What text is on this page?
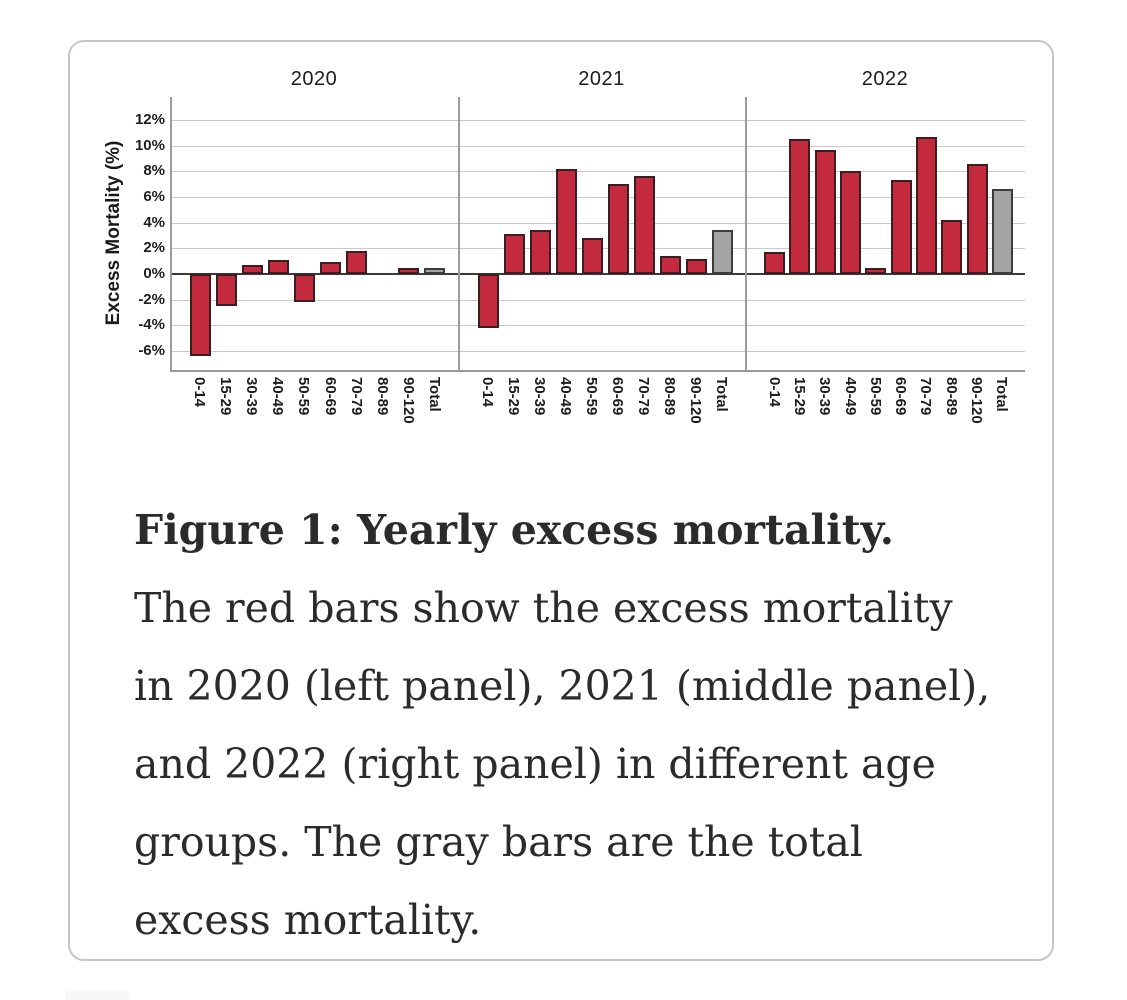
Excess Mortality (%)
12%
10%
8%
6%
4%
2%
0%
-2%
-4%
-6%
2020
0-14 15-29 30-39 40-49 50-59 60-69 70-79 80-89 90-120 Total
2021
0-14 15-29 30-39 40-49 50-59 60-69 70-79 80-89 90-120 Total
2022
0-14 15-29 30-39 40-49 50-59 60-69 70-79 80-89 90-120 Total
Figure 1: Yearly excess mortality.
The red bars show the excess mortality
in 2020 (left panel), 2021 (middle panel),
and 2022 (right panel) in different age
groups. The gray bars are the total
excess mortality.
